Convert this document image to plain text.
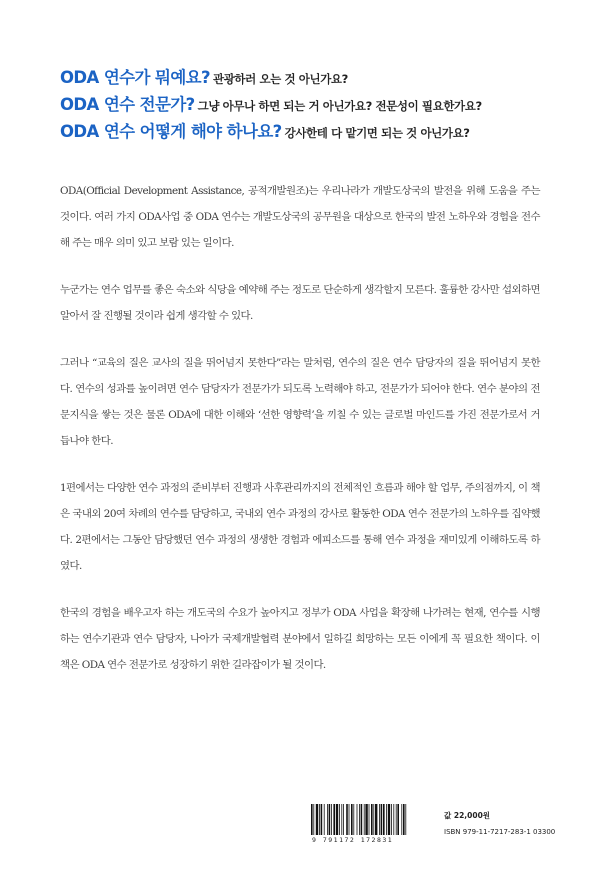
ODA 연수가 뭐예요? 관광하러 오는 것 아닌가요?
ODA 연수 전문가? 그냥 아무나 하면 되는 거 아닌가요? 전문성이 필요한가요?
ODA 연수 어떻게 해야 하나요? 강사한테 다 맡기면 되는 것 아닌가요?

ODA(Official Development Assistance, 공적개발원조)는 우리나라가 개발도상국의 발전을 위해 도움을 주는 것이다. 여러 가지 ODA사업 중 ODA 연수는 개발도상국의 공무원을 대상으로 한국의 발전 노하우와 경험을 전수해 주는 매우 의미 있고 보람 있는 일이다.

누군가는 연수 업무를 좋은 숙소와 식당을 예약해 주는 정도로 단순하게 생각할지 모른다. 훌륭한 강사만 섭외하면 알아서 잘 진행될 것이라 쉽게 생각할 수 있다.

그러나 “교육의 질은 교사의 질을 뛰어넘지 못한다”라는 말처럼, 연수의 질은 연수 담당자의 질을 뛰어넘지 못한다. 연수의 성과를 높이려면 연수 담당자가 전문가가 되도록 노력해야 하고, 전문가가 되어야 한다. 연수 분야의 전문지식을 쌓는 것은 물론 ODA에 대한 이해와 ‘선한 영향력’을 끼칠 수 있는 글로벌 마인드를 가진 전문가로서 거듭나야 한다.

1편에서는 다양한 연수 과정의 준비부터 진행과 사후관리까지의 전체적인 흐름과 해야 할 업무, 주의점까지, 이 책은 국내외 20여 차례의 연수를 담당하고, 국내외 연수 과정의 강사로 활동한 ODA 연수 전문가의 노하우를 집약했다. 2편에서는 그동안 담당했던 연수 과정의 생생한 경험과 에피소드를 통해 연수 과정을 재미있게 이해하도록 하였다.

한국의 경험을 배우고자 하는 개도국의 수요가 높아지고 정부가 ODA 사업을 확장해 나가려는 현재, 연수를 시행하는 연수기관과 연수 담당자, 나아가 국제개발협력 분야에서 일하길 희망하는 모든 이에게 꼭 필요한 책이다. 이 책은 ODA 연수 전문가로 성장하기 위한 길라잡이가 될 것이다.

9 791172 172831
값 22,000원
ISBN 979-11-7217-283-1 03300
